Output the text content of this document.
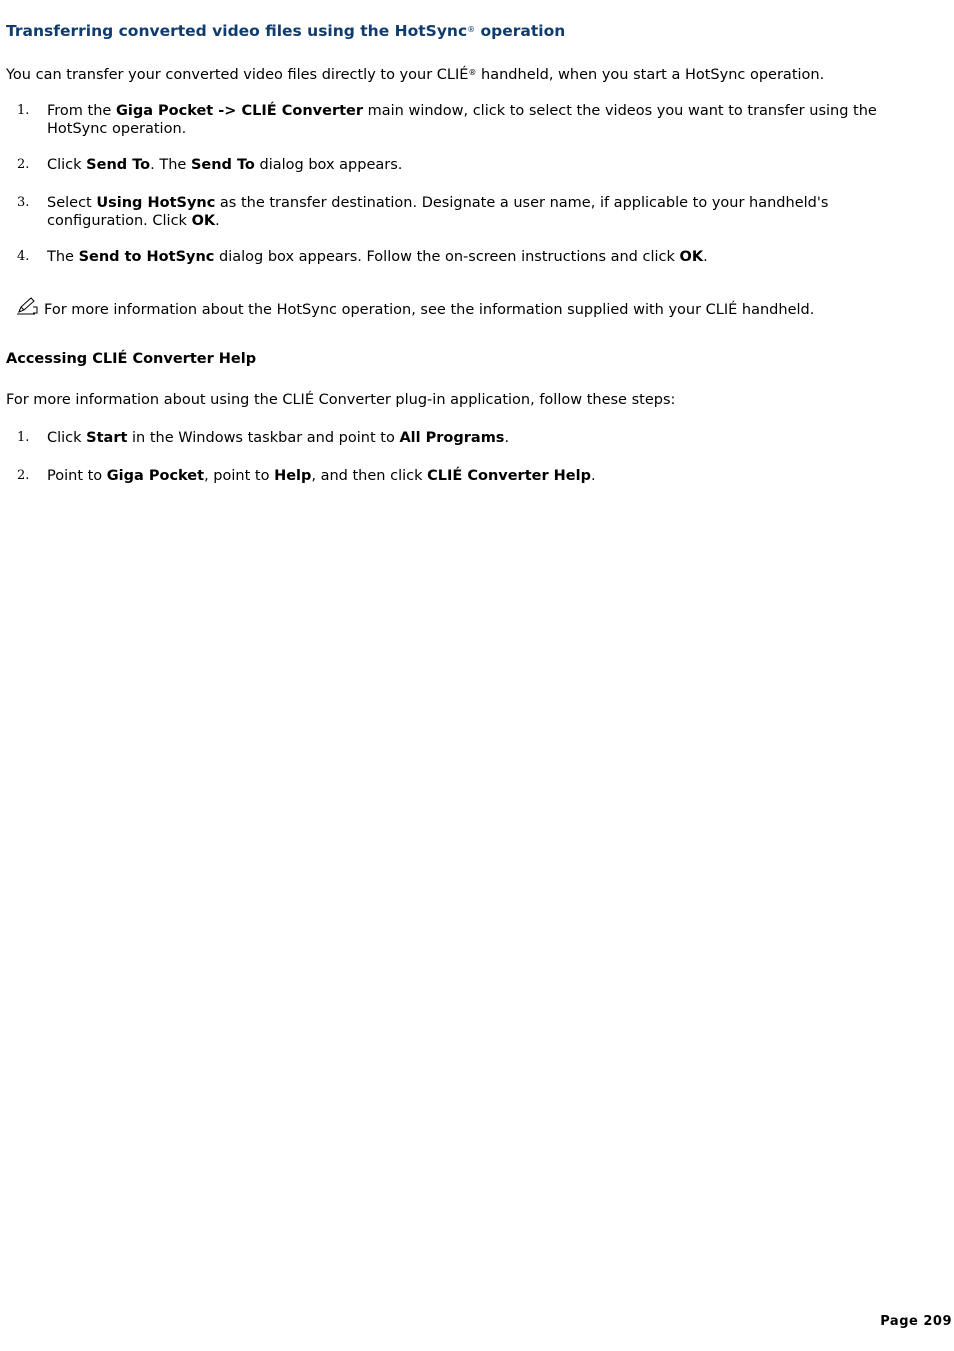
Transferring converted video files using the HotSync® operation

You can transfer your converted video files directly to your CLIÉ® handheld, when you start a HotSync operation.

1. From the Giga Pocket -> CLIÉ Converter main window, click to select the videos you want to transfer using the HotSync operation.
2. Click Send To. The Send To dialog box appears.
3. Select Using HotSync as the transfer destination. Designate a user name, if applicable to your handheld's configuration. Click OK.
4. The Send to HotSync dialog box appears. Follow the on-screen instructions and click OK.

For more information about the HotSync operation, see the information supplied with your CLIÉ handheld.

Accessing CLIÉ Converter Help

For more information about using the CLIÉ Converter plug-in application, follow these steps:

1. Click Start in the Windows taskbar and point to All Programs.
2. Point to Giga Pocket, point to Help, and then click CLIÉ Converter Help.
Page 209
